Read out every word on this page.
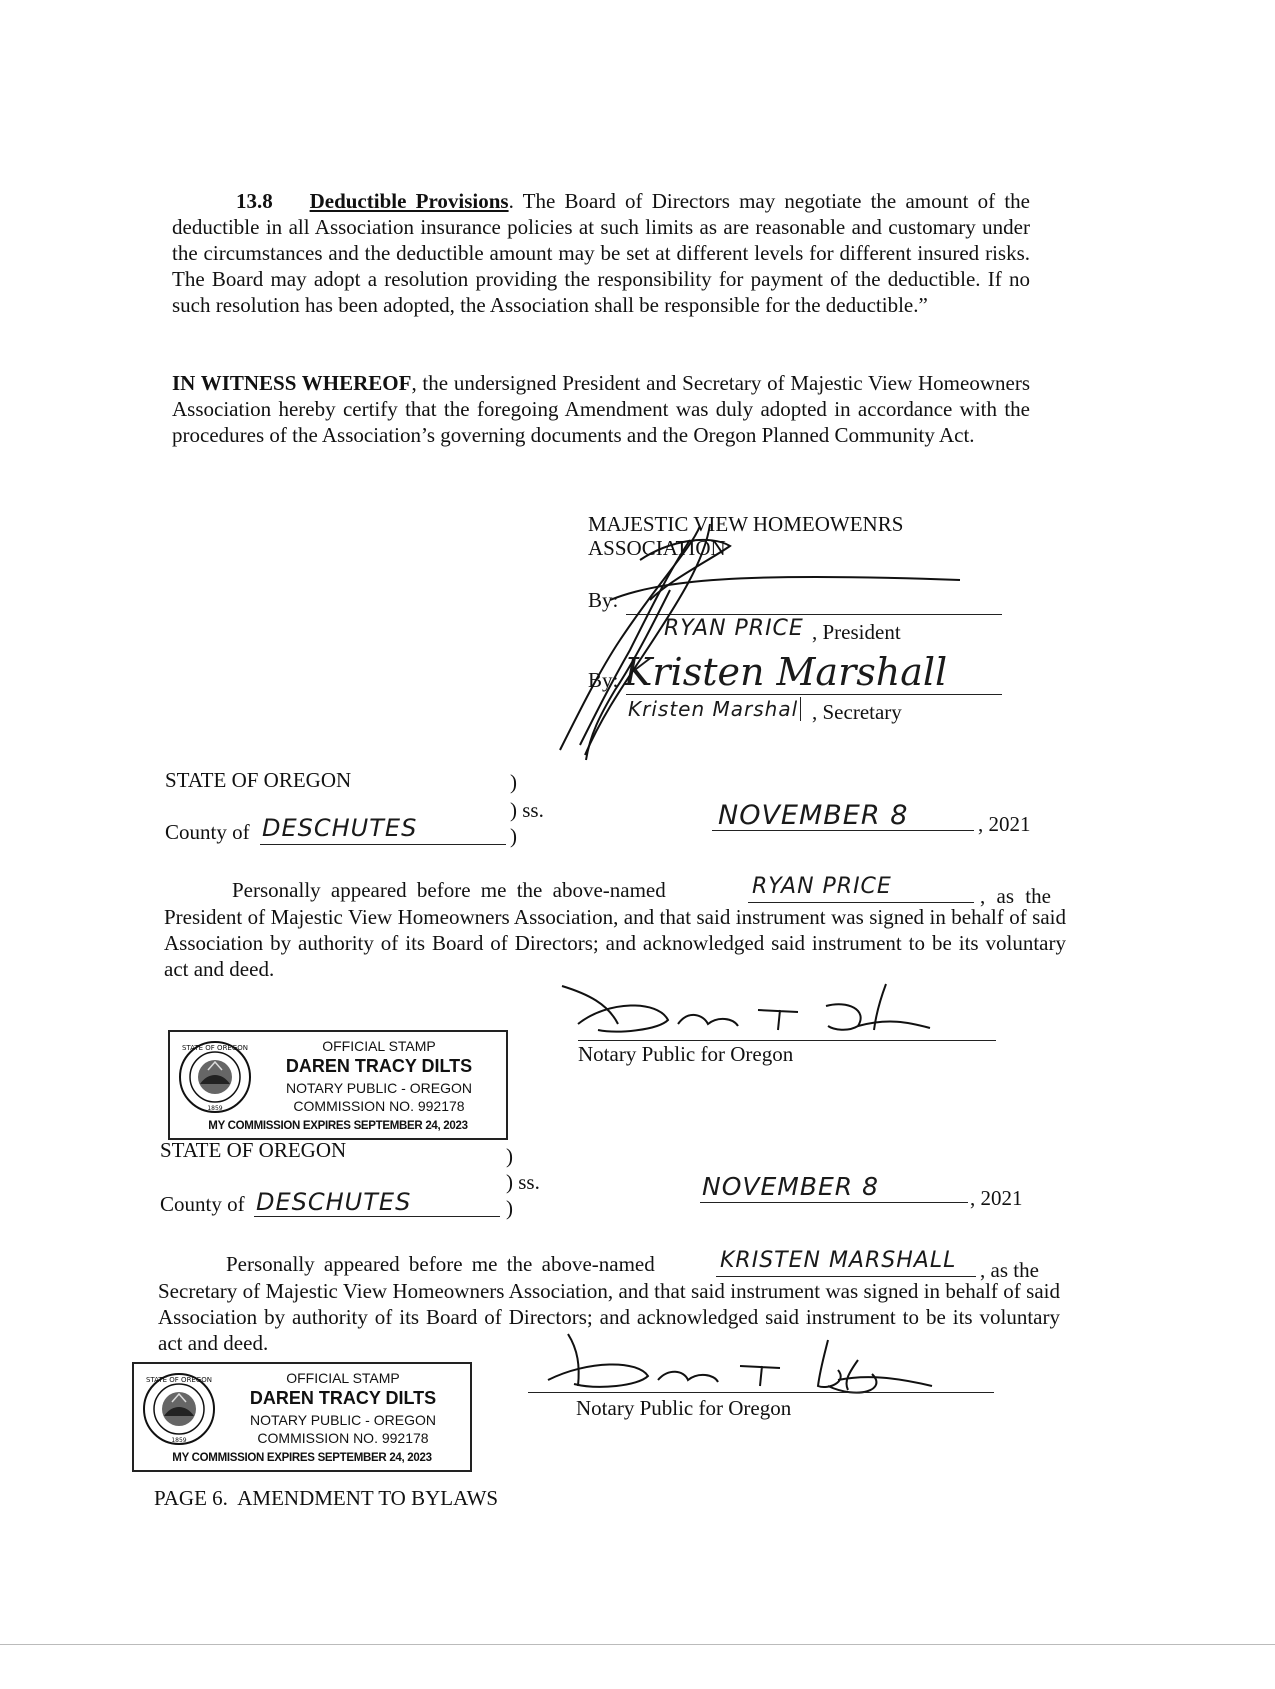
13.8 Deductible Provisions. The Board of Directors may negotiate the amount of the deductible in all Association insurance policies at such limits as are reasonable and customary under the circumstances and the deductible amount may be set at different levels for different insured risks. The Board may adopt a resolution providing the responsibility for payment of the deductible. If no such resolution has been adopted, the Association shall be responsible for the deductible.”
IN WITNESS WHEREOF, the undersigned President and Secretary of Majestic View Homeowners Association hereby certify that the foregoing Amendment was duly adopted in accordance with the procedures of the Association’s governing documents and the Oregon Planned Community Act.
MAJESTIC VIEW HOMEOWENRS
ASSOCIATION
By:
RYAN PRICE , President
By: Kristen Marshall
Kristen Marshal , Secretary
STATE OF OREGON	)
) ss.
)
County of DESCHUTES	NOVEMBER 8	, 2021
Personally appeared before me the above-named	RYAN PRICE	, as the
President of Majestic View Homeowners Association, and that said instrument was signed in behalf of said Association by authority of its Board of Directors; and acknowledged said instrument to be its voluntary act and deed.
Notary Public for Oregon
STATE OF OREGON
1859
OFFICIAL STAMP
DAREN TRACY DILTS
NOTARY PUBLIC - OREGON
COMMISSION NO. 992178
MY COMMISSION EXPIRES SEPTEMBER 24, 2023
STATE OF OREGON	)
) ss.
)
County of DESCHUTES
NOVEMBER 8	, 2021
Personally appeared before me the above-named	KRISTEN MARSHALL , as the
Secretary of Majestic View Homeowners Association, and that said instrument was signed in behalf of said Association by authority of its Board of Directors; and acknowledged said instrument to be its voluntary act and deed.
Notary Public for Oregon
STATE OF OREGON
1859
OFFICIAL STAMP
DAREN TRACY DILTS
NOTARY PUBLIC - OREGON
COMMISSION NO. 992178
MY COMMISSION EXPIRES SEPTEMBER 24, 2023
PAGE 6.  AMENDMENT TO BYLAWS
